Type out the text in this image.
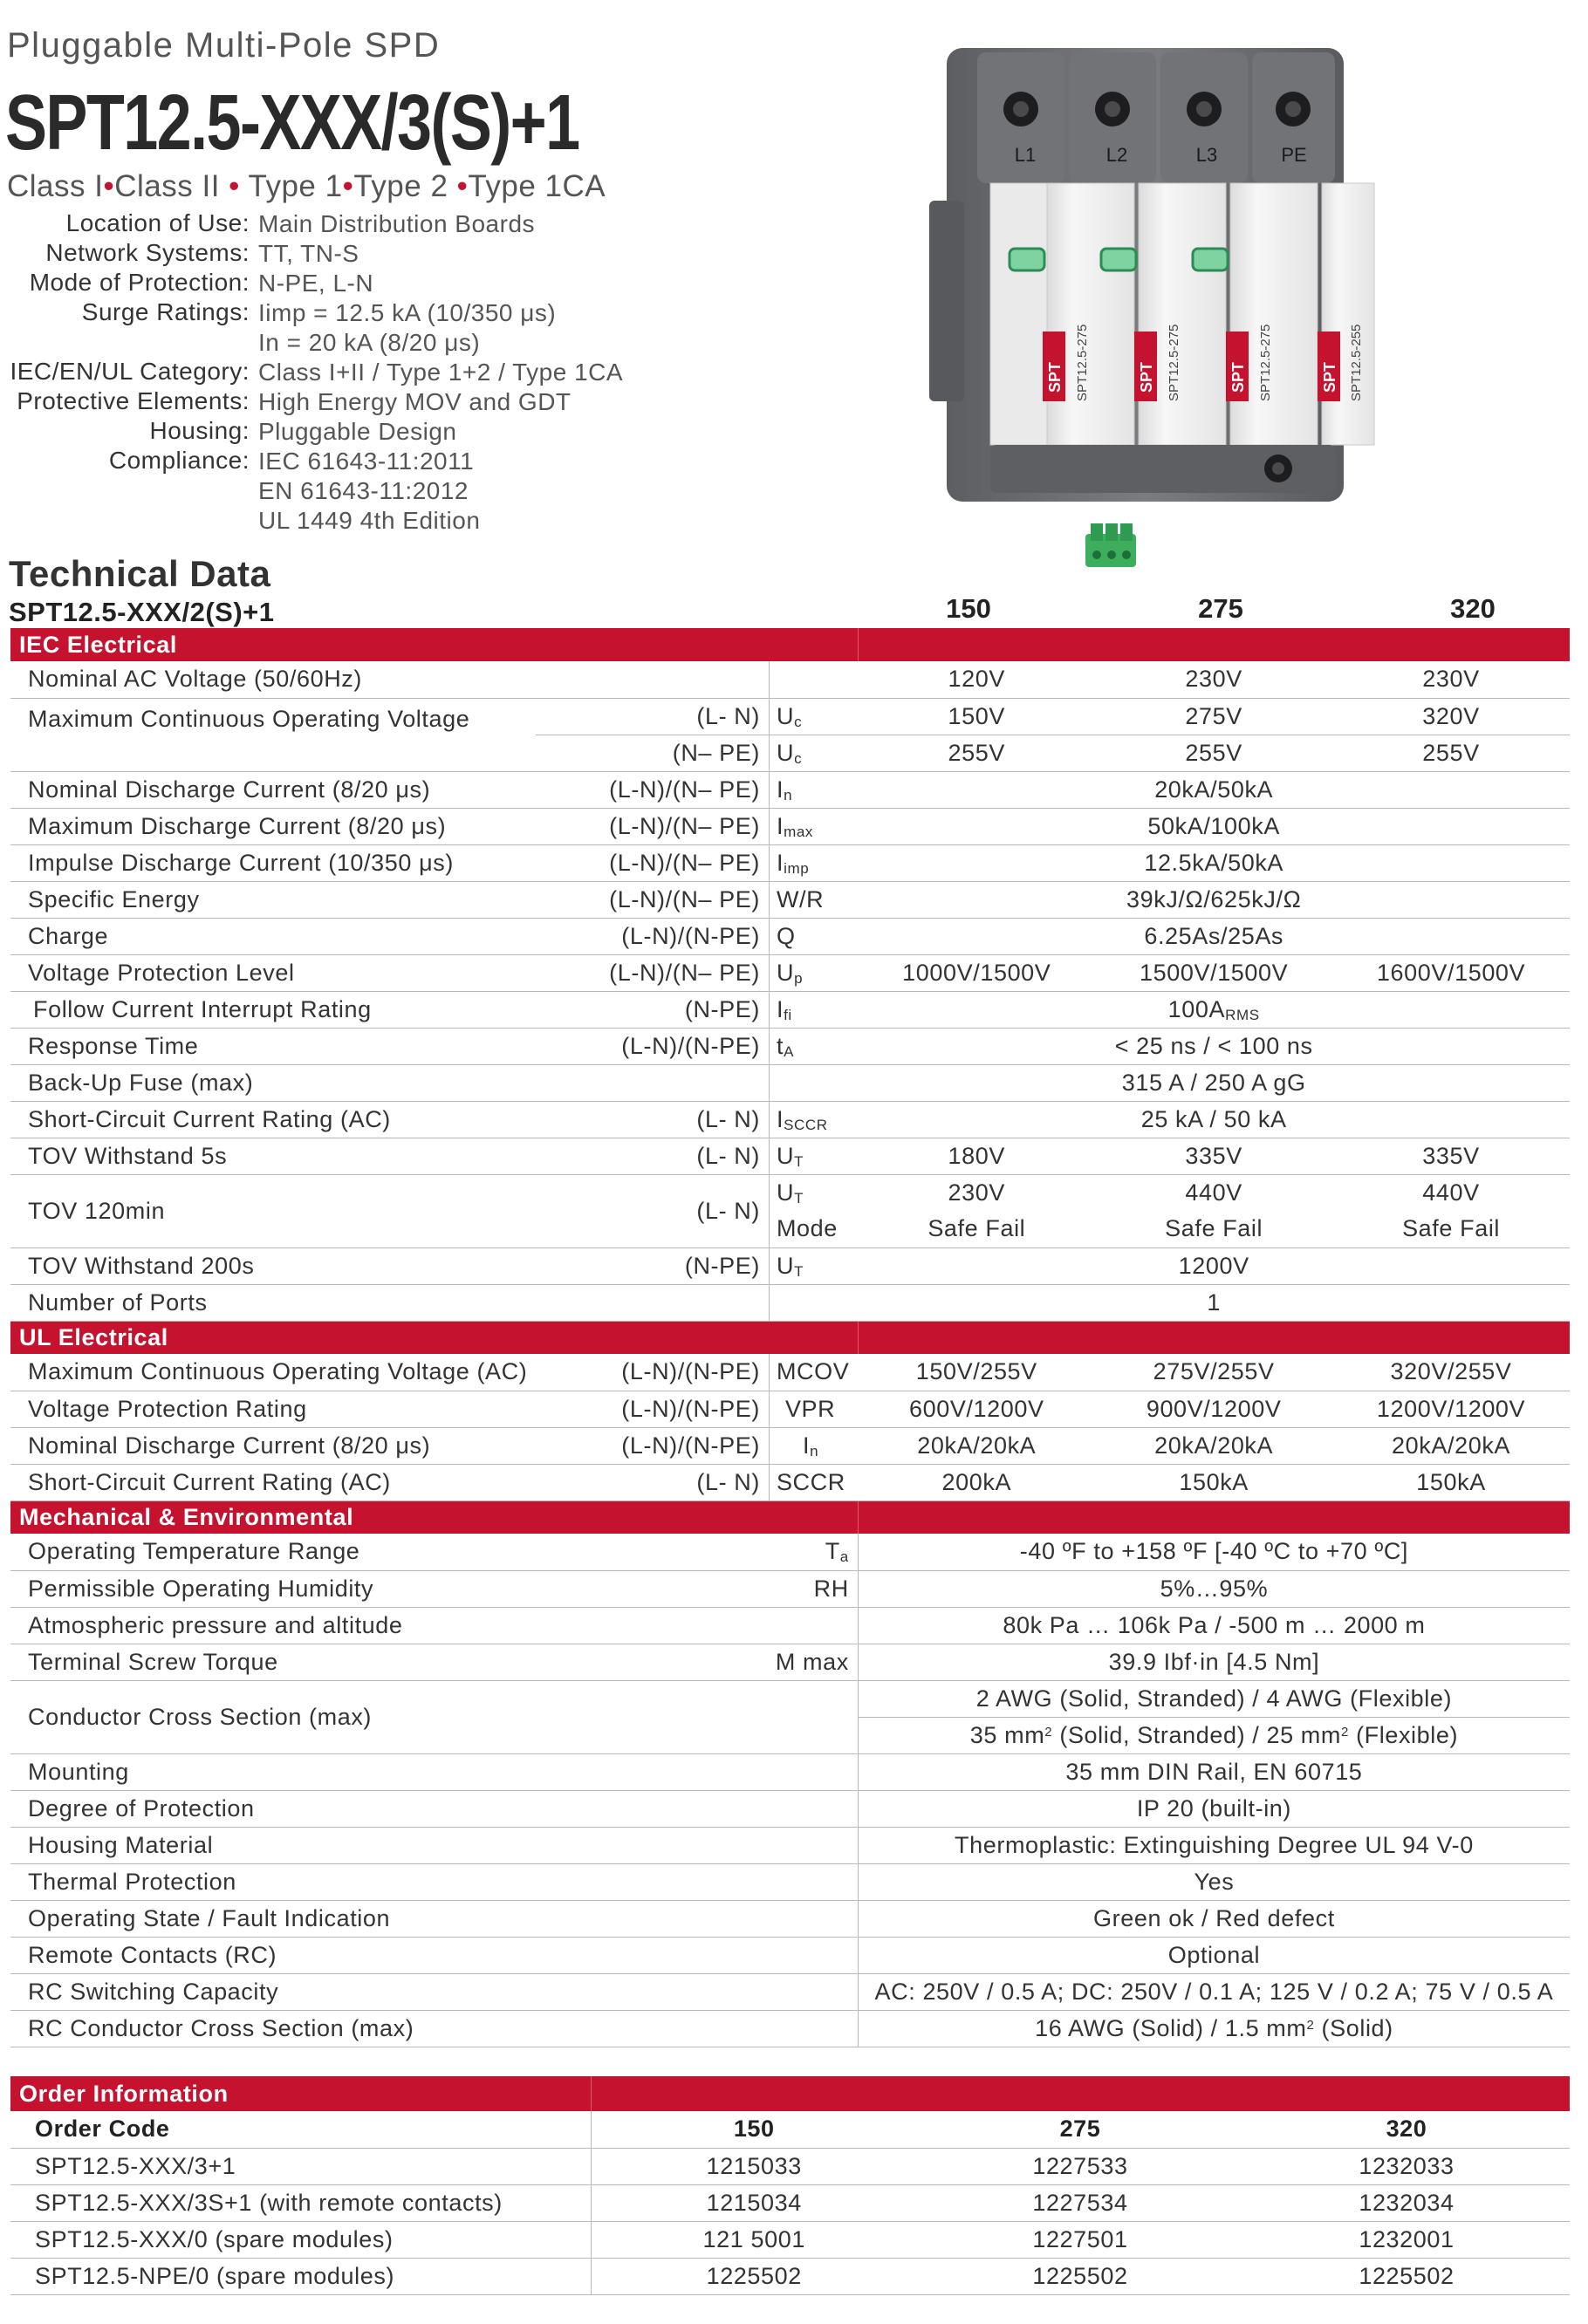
Pluggable Multi-Pole SPD
SPT12.5-XXX/3(S)+1
Class I•Class II • Type 1•Type 2 •Type 1CA
Location of Use: Main Distribution Boards
Network Systems: TT, TN-S
Mode of Protection: N-PE, L-N
Surge Ratings: Iimp = 12.5 kA (10/350 μs)
In = 20 kA (8/20 μs)
IEC/EN/UL Category: Class I+II / Type 1+2 / Type 1CA
Protective Elements: High Energy MOV and GDT
Housing: Pluggable Design
Compliance: IEC 61643-11:2011
EN 61643-11:2012
UL 1449 4th Edition
L1	L2	L3	PE
SPT	SPT	SPT	SPT
SPT12.5-275	SPT12.5-275	SPT12.5-275	SPT12.5-255
Technical Data
SPT12.5-XXX/2(S)+1	150	275	320
IEC Electrical					
Nominal AC Voltage (50/60Hz)			120V	230V	230V
Maximum Continuous Operating Voltage	(L- N)	$U_c$	150V	275V	320V
	(N– PE)	$U_c$	255V	255V	255V
Nominal Discharge Current (8/20 μs)	(L-N)/(N– PE)	$I_n$	20kA/50kA		
Maximum Discharge Current (8/20 μs)	(L-N)/(N– PE)	$I_{max}$	50kA/100kA		
Impulse Discharge Current (10/350 μs)	(L-N)/(N– PE)	$I_{imp}$	12.5kA/50kA		
Specific Energy	(L-N)/(N– PE)	W/R	39kJ/Ω/625kJ/Ω		
Charge	(L-N)/(N-PE)	Q	6.25As/25As		
Voltage Protection Level	(L-N)/(N– PE)	$U_p$	1000V/1500V	1500V/1500V	1600V/1500V
Follow Current Interrupt Rating	(N-PE)	$I_{fi}$	$100A_{RMS}$
Response Time	(L-N)/(N-PE)	$t_A$	< 25 ns / < 100 ns		
Back-Up Fuse (max)			315 A / 250 A gG		
Short-Circuit Current Rating (AC)	(L- N)	$I_{SCCR}$	25 kA / 50 kA		
TOV Withstand 5s	(L- N)	$U_T$	180V	335V	335V
TOV 120min	(L- N)	$U_T$	230V	440V	440V
		Mode	Safe Fail	Safe Fail	Safe Fail
TOV Withstand 200s	(N-PE)	$U_T$	1200V		
Number of Ports			1		
UL Electrical					
Maximum Continuous Operating Voltage (AC)	(L-N)/(N-PE)	MCOV	150V/255V	275V/255V	320V/255V
Voltage Protection Rating	(L-N)/(N-PE)	VPR	600V/1200V	900V/1200V	1200V/1200V
Nominal Discharge Current (8/20 μs)	(L-N)/(N-PE)	$I_n$	20kA/20kA	20kA/20kA	20kA/20kA
Short-Circuit Current Rating (AC)	(L- N)	SCCR	200kA	150kA	150kA
Mechanical & Environmental					
Operating Temperature Range	$T_a$		-40 ºF to +158 ºF [-40 ºC to +70 ºC]		
Permissible Operating Humidity	RH		5%…95%		
Atmospheric pressure and altitude			80k Pa … 106k Pa / -500 m … 2000 m		
Terminal Screw Torque	M max		39.9 Ibf·in [4.5 Nm]		
Conductor Cross Section (max)			2 AWG (Solid, Stranded) / 4 AWG (Flexible)		
			35 $mm^2$ (Solid, Stranded) / 25 $mm^2$ (Flexible)		
Mounting			35 mm DIN Rail, EN 60715		
Degree of Protection			IP 20 (built-in)		
Housing Material			Thermoplastic: Extinguishing Degree UL 94 V-0		
Thermal Protection			Yes		
Operating State / Fault Indication			Green ok / Red defect		
Remote Contacts (RC)			Optional		
RC Switching Capacity			AC: 250V / 0.5 A; DC: 250V / 0.1 A; 125 V / 0.2 A; 75 V / 0.5 A		
RC Conductor Cross Section (max)			16 AWG (Solid) / 1.5 $mm^2$ (Solid)		
Order Information			
Order Code	150	275	320
SPT12.5-XXX/3+1	1215033	1227533	1232033
SPT12.5-XXX/3S+1 (with remote contacts)	1215034	1227534	1232034
SPT12.5-XXX/0 (spare modules)	121 5001	1227501	1232001
SPT12.5-NPE/0 (spare modules)	1225502	1225502	1225502
